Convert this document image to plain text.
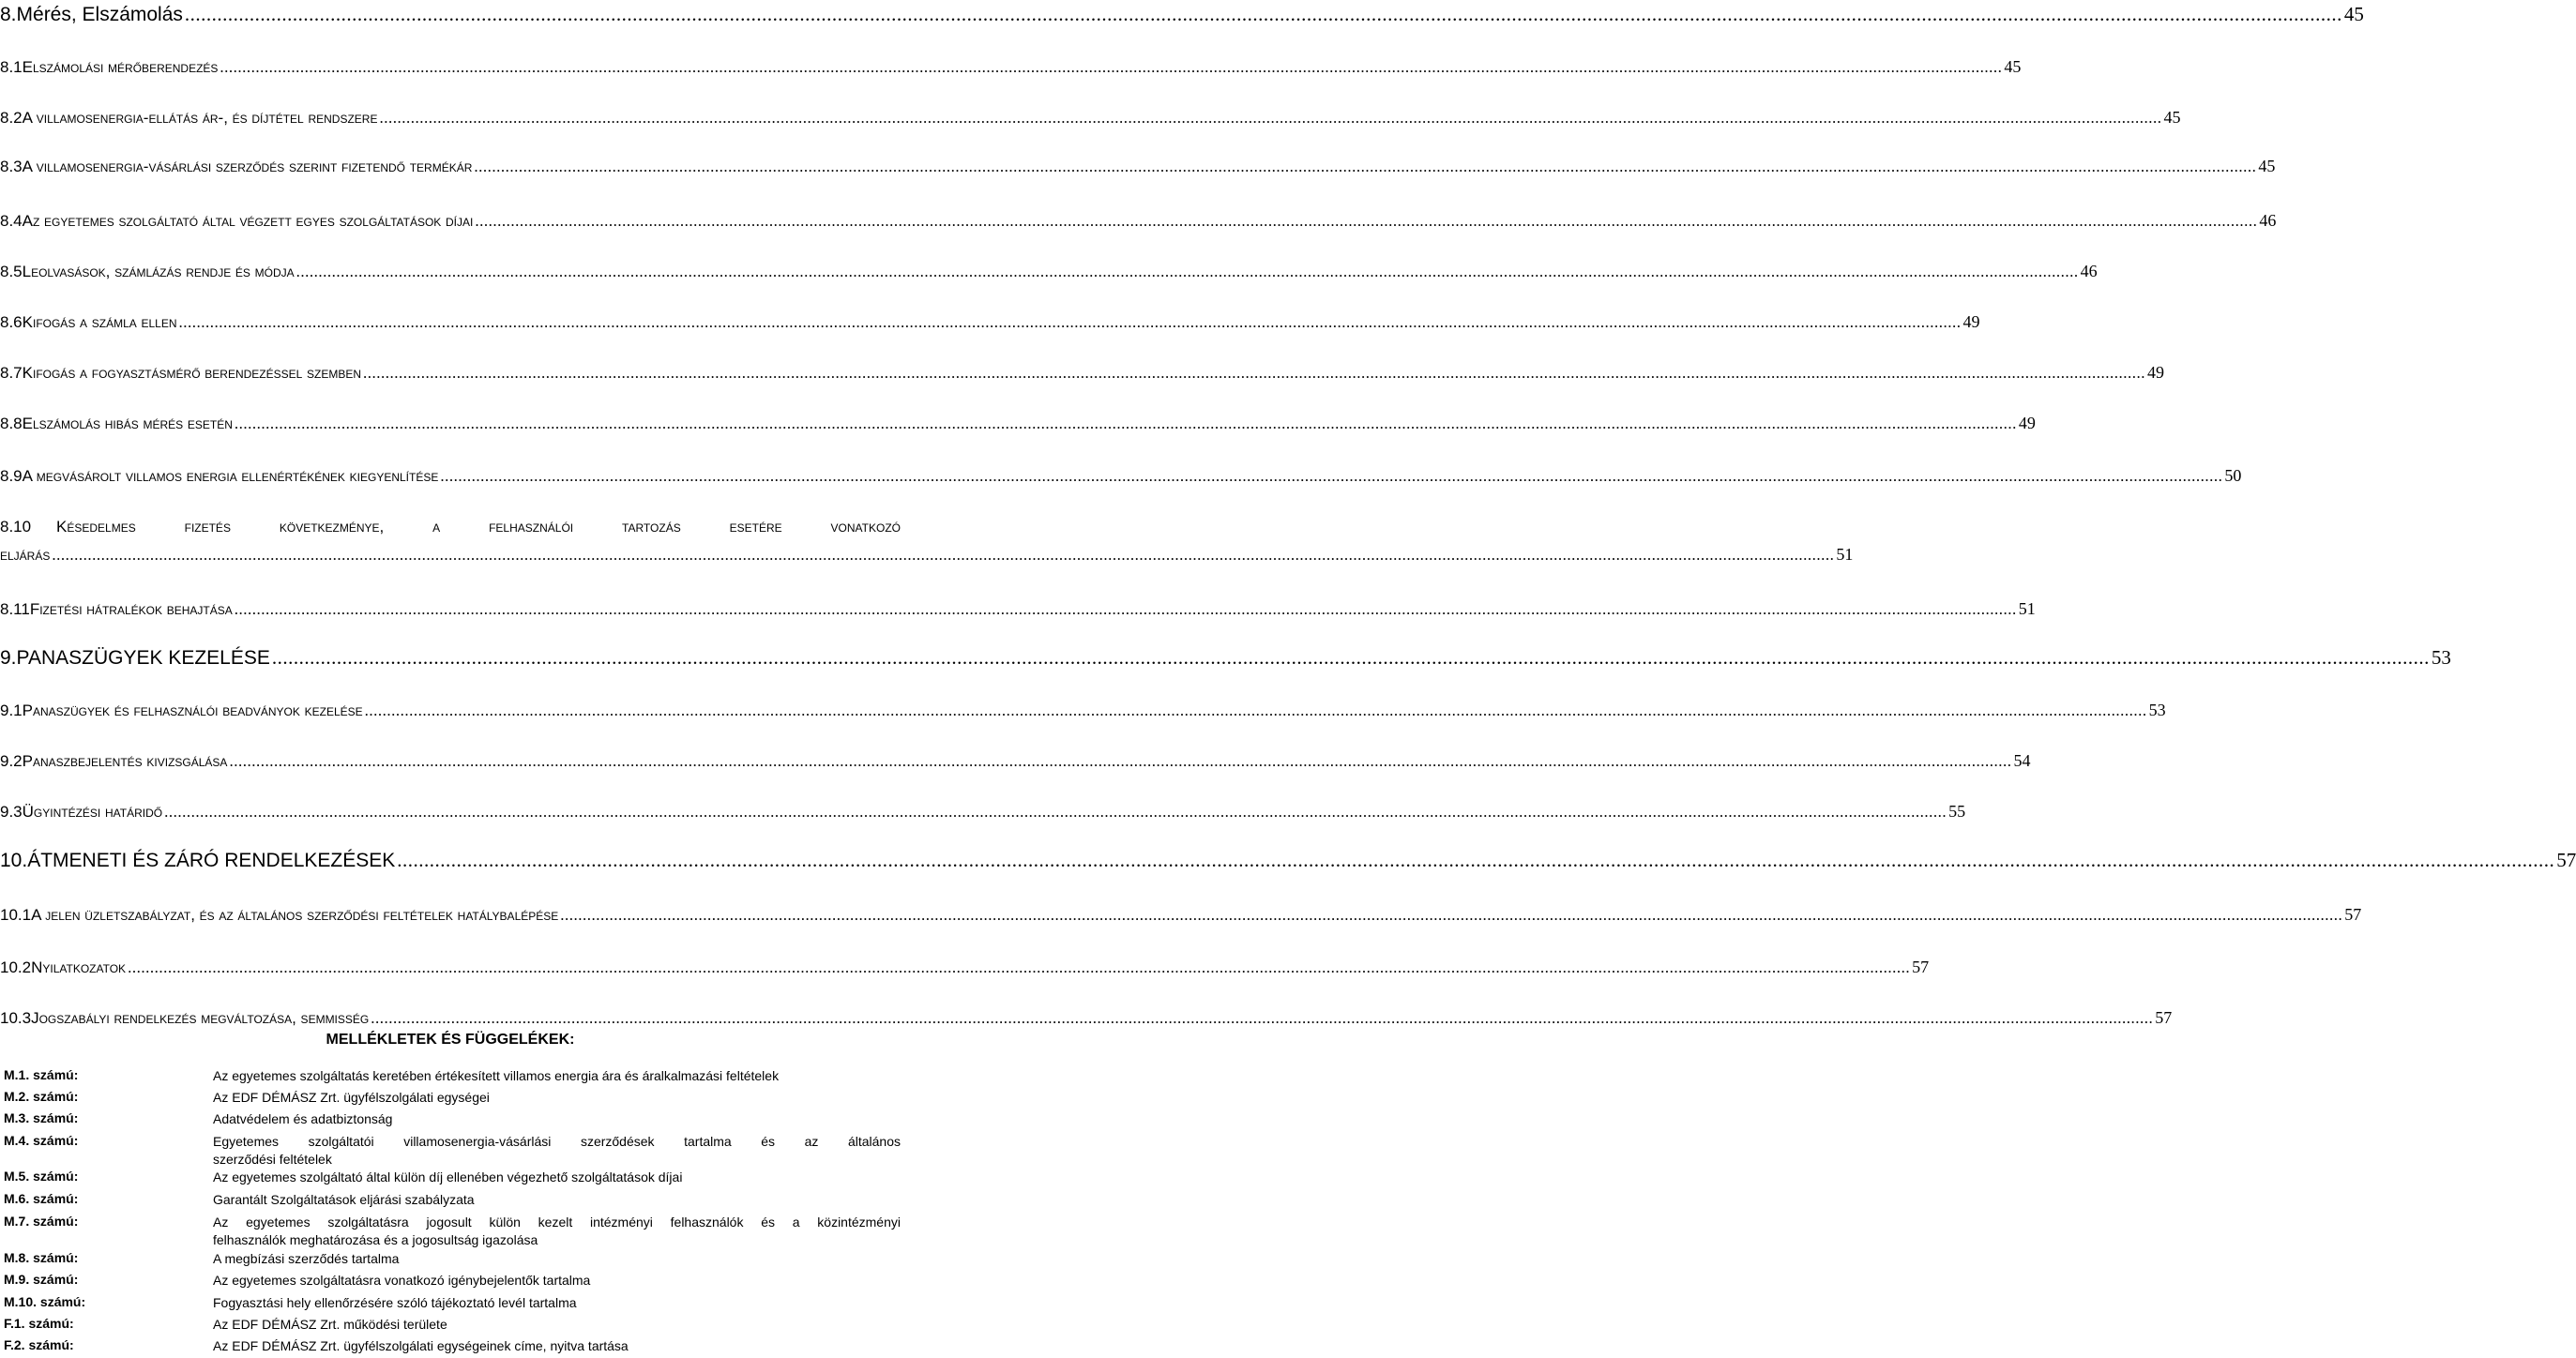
8. Mérés, Elszámolás ................................................................................................................................................................................................................................................................................................................................................................................................................ 45
8.1 Elszámolási mérőberendezés ................................................................................................................................................................................................................................................................................................................................................................................................................ 45
8.2 A villamosenergia-ellátás ár-, és díjtétel rendszere ................................................................................................................................................................................................................................................................................................................................................................................................................ 45
8.3 A villamosenergia-vásárlási szerződés szerint fizetendő termékár ................................................................................................................................................................................................................................................................................................................................................................................................................ 45
8.4 Az egyetemes szolgáltató által végzett egyes szolgáltatások díjai ................................................................................................................................................................................................................................................................................................................................................................................................................ 46
8.5 Leolvasások, számlázás rendje és módja ................................................................................................................................................................................................................................................................................................................................................................................................................ 46
8.6 Kifogás a számla ellen ................................................................................................................................................................................................................................................................................................................................................................................................................ 49
8.7 Kifogás a fogyasztásmérő berendezéssel szemben ................................................................................................................................................................................................................................................................................................................................................................................................................ 49
8.8 Elszámolás hibás mérés esetén ................................................................................................................................................................................................................................................................................................................................................................................................................ 49
8.9 A megvásárolt villamos energia ellenértékének kiegyenlítése ................................................................................................................................................................................................................................................................................................................................................................................................................ 50
8.10	Késedelmes fizetés következménye, a felhasználói tartozás esetére vonatkozó
eljárás ................................................................................................................................................................................................................................................................................................................................................................................................................ 51
8.11 Fizetési hátralékok behajtása ................................................................................................................................................................................................................................................................................................................................................................................................................ 51
9. PANASZÜGYEK KEZELÉSE ................................................................................................................................................................................................................................................................................................................................................................................................................ 53
9.1 Panaszügyek és felhasználói beadványok kezelése ................................................................................................................................................................................................................................................................................................................................................................................................................ 53
9.2 Panaszbejelentés kivizsgálása ................................................................................................................................................................................................................................................................................................................................................................................................................ 54
9.3 Ügyintézési határidő ................................................................................................................................................................................................................................................................................................................................................................................................................ 55
10. ÁTMENETI ÉS ZÁRÓ RENDELKEZÉSEK ................................................................................................................................................................................................................................................................................................................................................................................................................ 57
10.1 A jelen üzletszabályzat, és az általános szerződési feltételek hatálybalépése ................................................................................................................................................................................................................................................................................................................................................................................................................ 57
10.2 Nyilatkozatok ................................................................................................................................................................................................................................................................................................................................................................................................................ 57
10.3 Jogszabályi rendelkezés megváltozása, semmisség ................................................................................................................................................................................................................................................................................................................................................................................................................ 57
MELLÉKLETEK ÉS FÜGGELÉKEK:
M.1. számú:	Az egyetemes szolgáltatás keretében értékesített villamos energia ára és áralkalmazási feltételek
M.2. számú:	Az EDF DÉMÁSZ Zrt. ügyfélszolgálati egységei
M.3. számú:	Adatvédelem és adatbiztonság
M.4. számú:	Egyetemes szolgáltatói villamosenergia-vásárlási szerződések tartalma és az általános
szerződési feltételek
M.5. számú:	Az egyetemes szolgáltató által külön díj ellenében végezhető szolgáltatások díjai
M.6. számú:	Garantált Szolgáltatások eljárási szabályzata
M.7. számú:	Az egyetemes szolgáltatásra jogosult külön kezelt intézményi felhasználók és a közintézményi
felhasználók meghatározása és a jogosultság igazolása
M.8. számú:	A megbízási szerződés tartalma
M.9. számú:	Az egyetemes szolgáltatásra vonatkozó igénybejelentők tartalma
M.10. számú:	Fogyasztási hely ellenőrzésére szóló tájékoztató levél tartalma
F.1. számú:	Az EDF DÉMÁSZ Zrt. működési területe
F.2. számú:	Az EDF DÉMÁSZ Zrt. ügyfélszolgálati egységeinek címe, nyitva tartása
